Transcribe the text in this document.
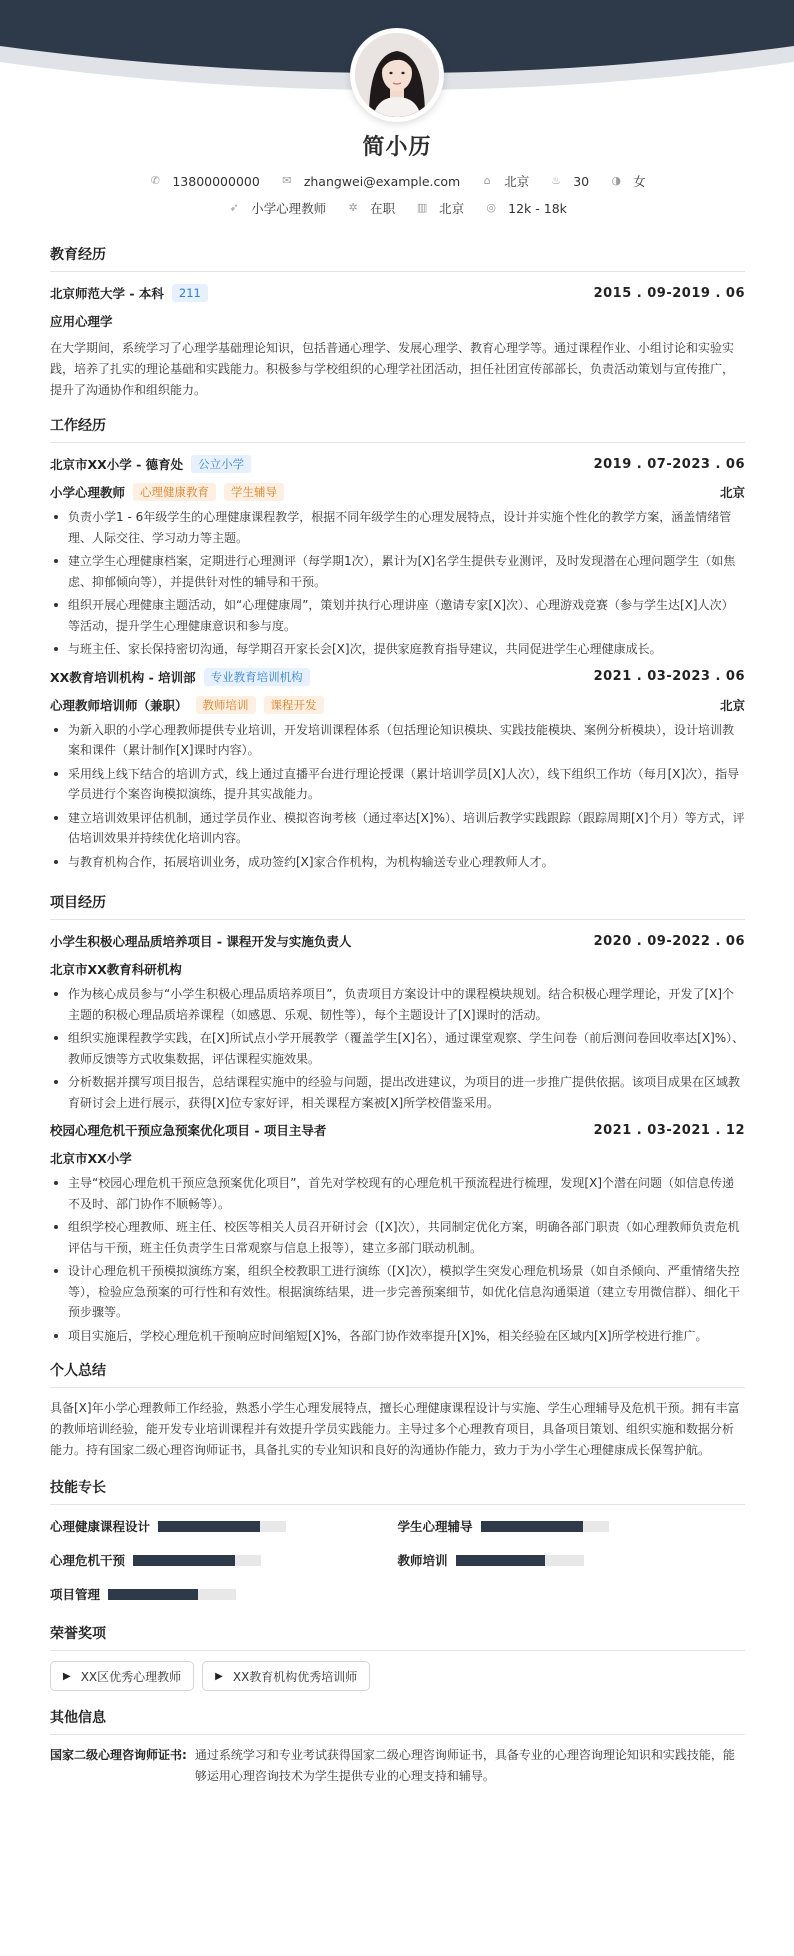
简小历
✆ 13800000000 ✉ zhangwei@example.com	⌂ 北京 ♨ 30 ◑ 女
➶ 小学心理教师 ✲ 在职 ▥ 北京 ◎ 12k - 18k
教育经历
北京师范大学 - 本科	211	2015 . 09-2019 . 06
应用心理学
在大学期间，系统学习了心理学基础理论知识，包括普通心理学、发展心理学、教育心理学等。通过课程作业、小组讨论和实验实践，培养了扎实的理论基础和实践能力。积极参与学校组织的心理学社团活动，担任社团宣传部部长，负责活动策划与宣传推广，提升了沟通协作和组织能力。
工作经历
北京市XX小学 - 德育处	公立小学	2019 . 07-2023 . 06
小学心理教师	心理健康教育	学生辅导	北京
负责小学1 - 6年级学生的心理健康课程教学，根据不同年级学生的心理发展特点，设计并实施个性化的教学方案，涵盖情绪管理、人际交往、学习动力等主题。
建立学生心理健康档案，定期进行心理测评（每学期1次），累计为[X]名学生提供专业测评，及时发现潜在心理问题学生（如焦虑、抑郁倾向等），并提供针对性的辅导和干预。
组织开展心理健康主题活动，如“心理健康周”，策划并执行心理讲座（邀请专家[X]次）、心理游戏竞赛（参与学生达[X]人次）等活动，提升学生心理健康意识和参与度。
与班主任、家长保持密切沟通，每学期召开家长会[X]次，提供家庭教育指导建议，共同促进学生心理健康成长。
XX教育培训机构 - 培训部	专业教育培训机构	2021 . 03-2023 . 06
心理教师培训师（兼职）	教师培训	课程开发	北京
为新入职的小学心理教师提供专业培训，开发培训课程体系（包括理论知识模块、实践技能模块、案例分析模块），设计培训教案和课件（累计制作[X]课时内容）。
采用线上线下结合的培训方式，线上通过直播平台进行理论授课（累计培训学员[X]人次），线下组织工作坊（每月[X]次），指导学员进行个案咨询模拟演练，提升其实战能力。
建立培训效果评估机制，通过学员作业、模拟咨询考核（通过率达[X]%）、培训后教学实践跟踪（跟踪周期[X]个月）等方式，评估培训效果并持续优化培训内容。
与教育机构合作，拓展培训业务，成功签约[X]家合作机构，为机构输送专业心理教师人才。
项目经历
小学生积极心理品质培养项目 - 课程开发与实施负责人	2020 . 09-2022 . 06
北京市XX教育科研机构
作为核心成员参与“小学生积极心理品质培养项目”，负责项目方案设计中的课程模块规划。结合积极心理学理论，开发了[X]个主题的积极心理品质培养课程（如感恩、乐观、韧性等），每个主题设计了[X]课时的活动。
组织实施课程教学实践，在[X]所试点小学开展教学（覆盖学生[X]名），通过课堂观察、学生问卷（前后测问卷回收率达[X]%）、教师反馈等方式收集数据，评估课程实施效果。
分析数据并撰写项目报告，总结课程实施中的经验与问题，提出改进建议，为项目的进一步推广提供依据。该项目成果在区域教育研讨会上进行展示，获得[X]位专家好评，相关课程方案被[X]所学校借鉴采用。
校园心理危机干预应急预案优化项目 - 项目主导者	2021 . 03-2021 . 12
北京市XX小学
主导“校园心理危机干预应急预案优化项目”，首先对学校现有的心理危机干预流程进行梳理，发现[X]个潜在问题（如信息传递不及时、部门协作不顺畅等）。
组织学校心理教师、班主任、校医等相关人员召开研讨会（[X]次），共同制定优化方案，明确各部门职责（如心理教师负责危机评估与干预，班主任负责学生日常观察与信息上报等），建立多部门联动机制。
设计心理危机干预模拟演练方案，组织全校教职工进行演练（[X]次），模拟学生突发心理危机场景（如自杀倾向、严重情绪失控等），检验应急预案的可行性和有效性。根据演练结果，进一步完善预案细节，如优化信息沟通渠道（建立专用微信群）、细化干预步骤等。
项目实施后，学校心理危机干预响应时间缩短[X]%，各部门协作效率提升[X]%，相关经验在区域内[X]所学校进行推广。
个人总结
具备[X]年小学心理教师工作经验，熟悉小学生心理发展特点，擅长心理健康课程设计与实施、学生心理辅导及危机干预。拥有丰富的教师培训经验，能开发专业培训课程并有效提升学员实践能力。主导过多个心理教育项目，具备项目策划、组织实施和数据分析能力。持有国家二级心理咨询师证书，具备扎实的专业知识和良好的沟通协作能力，致力于为小学生心理健康成长保驾护航。
技能专长
心理健康课程设计	学生心理辅导
心理危机干预	教师培训
项目管理
荣誉奖项
▶ XX区优秀心理教师	▶ XX教育机构优秀培训师
其他信息
国家二级心理咨询师证书: 通过系统学习和专业考试获得国家二级心理咨询师证书，具备专业的心理咨询理论知识和实践技能，能够运用心理咨询技术为学生提供专业的心理支持和辅导。
